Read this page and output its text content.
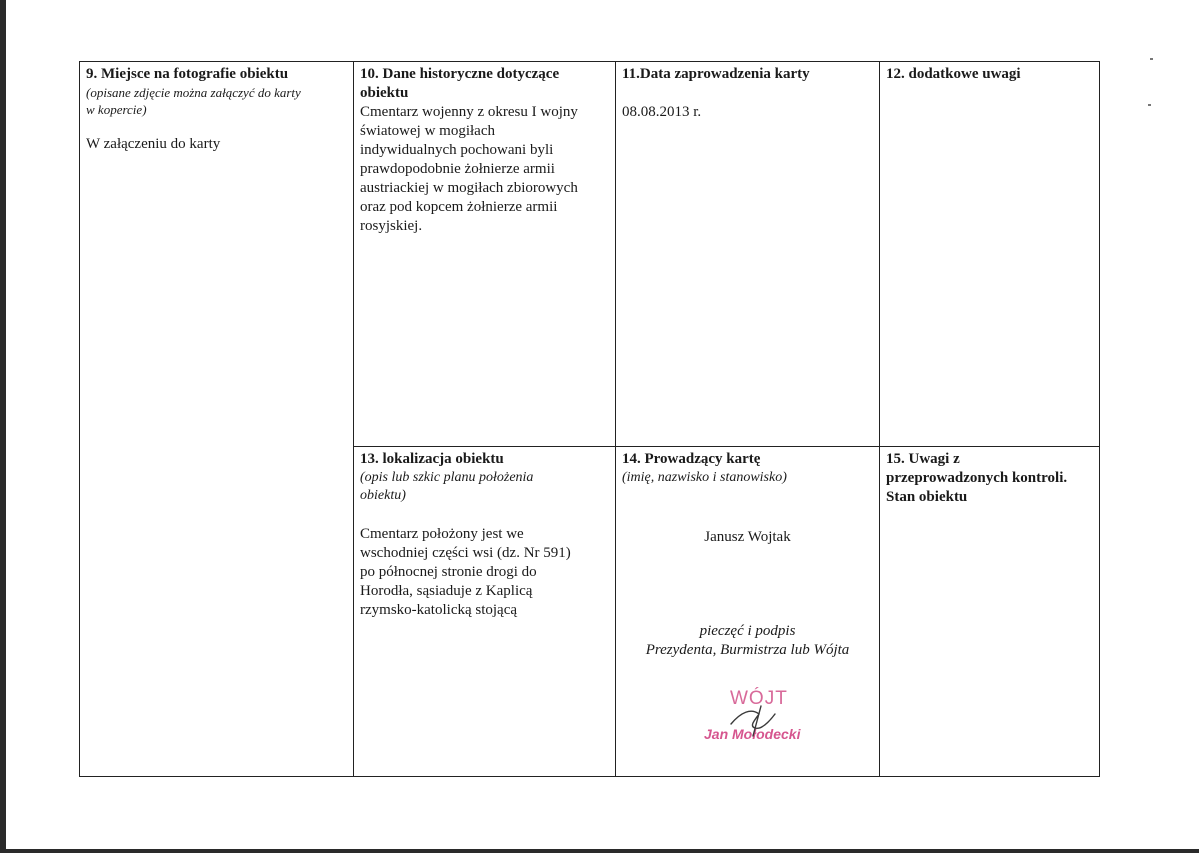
9. Miejsce na fotografie obiektu
(opisane zdjęcie można załączyć do karty
w kopercie)
W załączeniu do karty
10. Dane historyczne dotyczące
obiektu
Cmentarz wojenny z okresu I wojny
światowej w mogiłach
indywidualnych pochowani byli
prawdopodobnie żołnierze armii
austriackiej w mogiłach zbiorowych
oraz pod kopcem żołnierze armii
rosyjskiej.
11.Data zaprowadzenia karty
08.08.2013 r.
12. dodatkowe uwagi
13. lokalizacja obiektu
(opis lub szkic planu położenia
obiektu)
Cmentarz położony jest we
wschodniej części wsi (dz. Nr 591)
po północnej stronie drogi do
Horodła, sąsiaduje z Kaplicą
rzymsko-katolicką stojącą
14. Prowadzący kartę
(imię, nazwisko i stanowisko)
Janusz Wojtak
pieczęć i podpis
Prezydenta, Burmistrza lub Wójta
15. Uwagi z
przeprowadzonych kontroli.
Stan obiektu
WÓJT
Jan Mołodecki
